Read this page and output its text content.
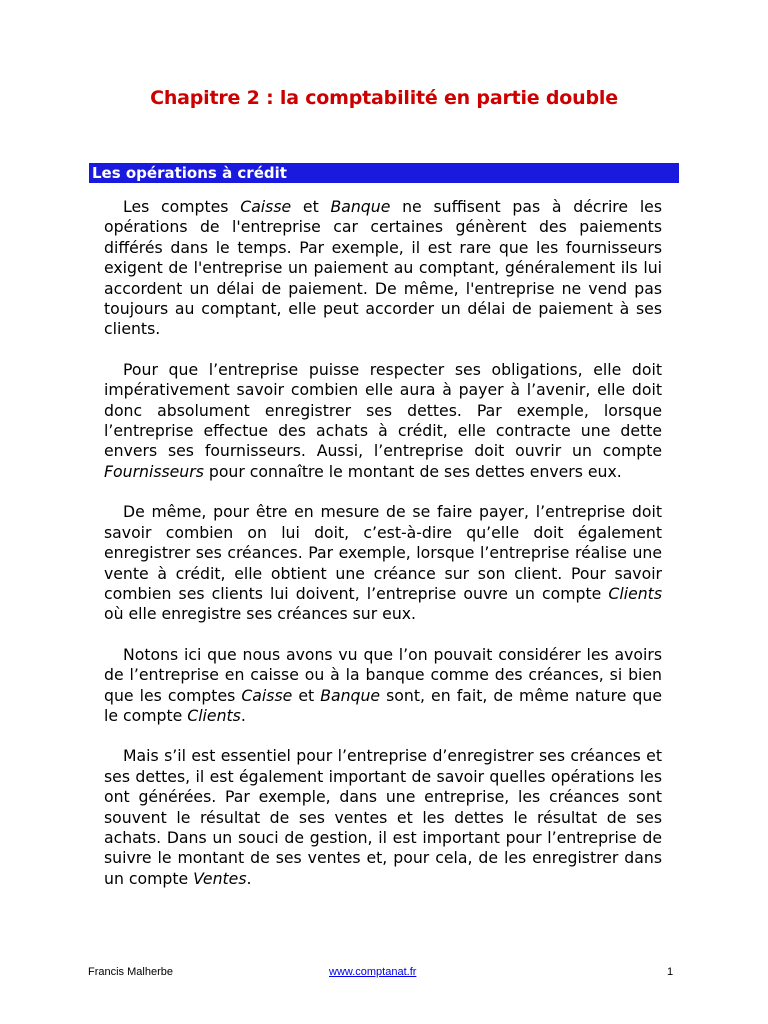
Chapitre 2 : la comptabilité en partie double
Les opérations à crédit

Les comptes Caisse et Banque ne suffisent pas à décrire les opérations de l'entreprise car certaines génèrent des paiements différés dans le temps. Par exemple, il est rare que les fournisseurs exigent de l'entreprise un paiement au comptant, généralement ils lui accordent un délai de paiement. De même, l'entreprise ne vend pas toujours au comptant, elle peut accorder un délai de paiement à ses clients.

Pour que l’entreprise puisse respecter ses obligations, elle doit impérativement savoir combien elle aura à payer à l’avenir, elle doit donc absolument enregistrer ses dettes. Par exemple, lorsque l’entreprise effectue des achats à crédit, elle contracte une dette envers ses fournisseurs. Aussi, l’entreprise doit ouvrir un compte Fournisseurs pour connaître le montant de ses dettes envers eux.

De même, pour être en mesure de se faire payer, l’entreprise doit savoir combien on lui doit, c’est-à-dire qu’elle doit également enregistrer ses créances. Par exemple, lorsque l’entreprise réalise une vente à crédit, elle obtient une créance sur son client. Pour savoir combien ses clients lui doivent, l’entreprise ouvre un compte Clients où elle enregistre ses créances sur eux.

Notons ici que nous avons vu que l’on pouvait considérer les avoirs de l’entreprise en caisse ou à la banque comme des créances, si bien que les comptes Caisse et Banque sont, en fait, de même nature que le compte Clients.

Mais s’il est essentiel pour l’entreprise d’enregistrer ses créances et ses dettes, il est également important de savoir quelles opérations les ont générées. Par exemple, dans une entreprise, les créances sont souvent le résultat de ses ventes et les dettes le résultat de ses achats. Dans un souci de gestion, il est important pour l’entreprise de suivre le montant de ses ventes et, pour cela, de les enregistrer dans un compte Ventes.

Francis Malherbe	www.comptanat.fr	1
